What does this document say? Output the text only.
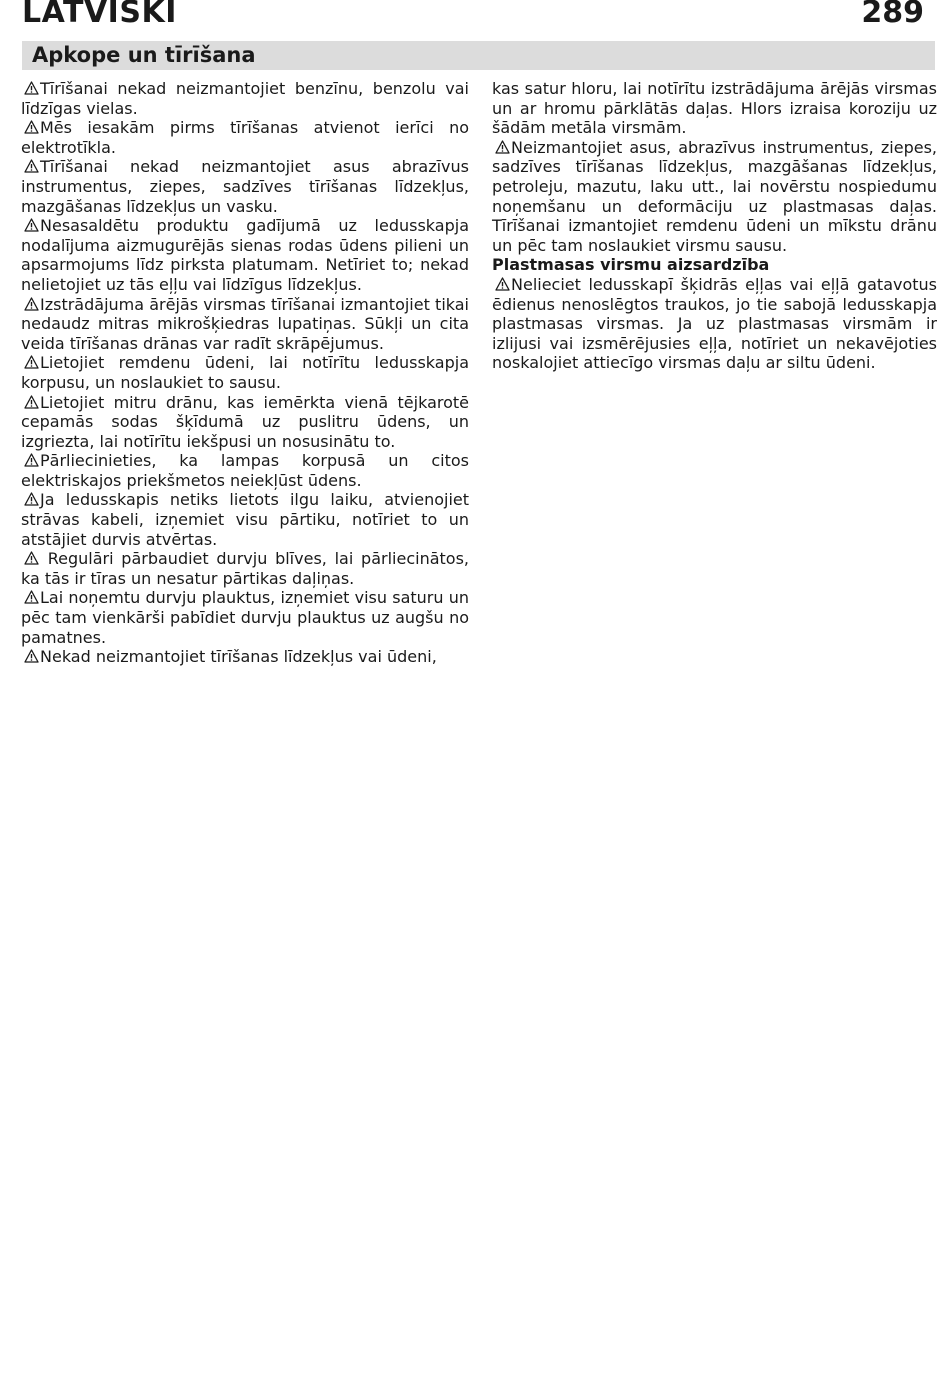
LATVISKI	289
Apkope un tīrīšana

Tīrīšanai nekad neizmantojiet benzīnu, benzolu vai līdzīgas vielas.

Mēs iesakām pirms tīrīšanas atvienot ierīci no elektrotīkla.

Tīrīšanai nekad neizmantojiet asus abrazīvus instrumentus, ziepes, sadzīves tīrīšanas līdzekļus, mazgāšanas līdzekļus un vasku.

Nesasaldētu produktu gadījumā uz ledusskapja nodalījuma aizmugurējās sienas rodas ūdens pilieni un apsarmojums līdz pirksta platumam. Netīriet to; nekad nelietojiet uz tās eļļu vai līdzīgus līdzekļus.

Izstrādājuma ārējās virsmas tīrīšanai izmantojiet tikai nedaudz mitras mikrošķiedras lupatiņas. Sūkļi un cita veida tīrīšanas drānas var radīt skrāpējumus.

Lietojiet remdenu ūdeni, lai notīrītu ledusskapja korpusu, un noslaukiet to sausu.

Lietojiet mitru drānu, kas iemērkta vienā tējkarotē cepamās sodas šķīdumā uz puslitru ūdens, un izgriezta, lai notīrītu iekšpusi un nosusinātu to.

Pārliecinieties, ka lampas korpusā un citos elektriskajos priekšmetos neiekļūst ūdens.

Ja ledusskapis netiks lietots ilgu laiku, atvienojiet strāvas kabeli, izņemiet visu pārtiku, notīriet to un atstājiet durvis atvērtas.

Regulāri pārbaudiet durvju blīves, lai pārliecinātos, ka tās ir tīras un nesatur pārtikas daļiņas.

Lai noņemtu durvju plauktus, izņemiet visu saturu un pēc tam vienkārši pabīdiet durvju plauktus uz augšu no pamatnes.

Nekad neizmantojiet tīrīšanas līdzekļus vai ūdeni,

kas satur hloru, lai notīrītu izstrādājuma ārējās virsmas un ar hromu pārklātās daļas. Hlors izraisa koroziju uz šādām metāla virsmām.

Neizmantojiet asus, abrazīvus instrumentus, ziepes, sadzīves tīrīšanas līdzekļus, mazgāšanas līdzekļus, petroleju, mazutu, laku utt., lai novērstu nospiedumu noņemšanu un deformāciju uz plastmasas daļas. Tīrīšanai izmantojiet remdenu ūdeni un mīkstu drānu un pēc tam noslaukiet virsmu sausu.

Plastmasas virsmu aizsardzība

Nelieciet ledusskapī šķidrās eļļas vai eļļā gatavotus ēdienus nenoslēgtos traukos, jo tie sabojā ledusskapja plastmasas virsmas. Ja uz plastmasas virsmām ir izlijusi vai izsmērējusies eļļa, notīriet un nekavējoties noskalojiet attiecīgo virsmas daļu ar siltu ūdeni.
